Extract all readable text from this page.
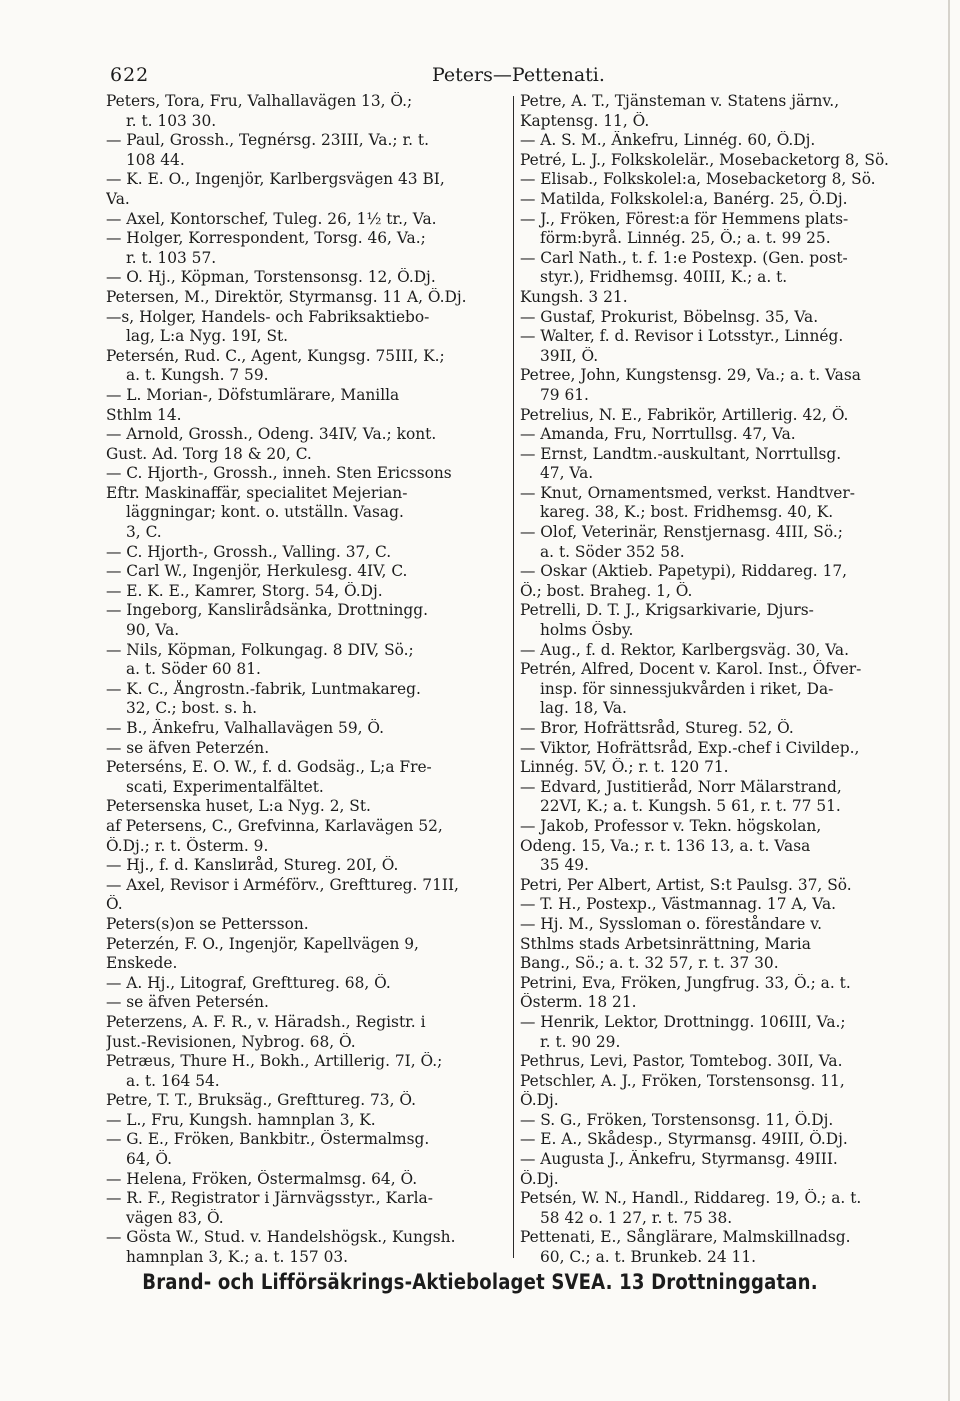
622	Peters—Pettenati.
Peters, Tora, Fru, Valhallavägen 13, Ö.;
r. t. 103 30.
— Paul, Grossh., Tegnérsg. 23III, Va.; r. t.
108 44.
— K. E. O., Ingenjör, Karlbergsvägen 43 BI,
Va.
— Axel, Kontorschef, Tuleg. 26, 1½ tr., Va.
— Holger, Korrespondent, Torsg. 46, Va.;
r. t. 103 57.
— O. Hj., Köpman, Torstensonsg. 12, Ö.Dj.
Petersen, M., Direktör, Styrmansg. 11 A, Ö.Dj.
—s, Holger, Handels- och Fabriksaktiebo-
lag, L:a Nyg. 19I, St.
Petersén, Rud. C., Agent, Kungsg. 75III, K.;
a. t. Kungsh. 7 59.
— L. Morian-, Döfstumlärare, Manilla
Sthlm 14.
— Arnold, Grossh., Odeng. 34IV, Va.; kont.
Gust. Ad. Torg 18 & 20, C.
— C. Hjorth-, Grossh., inneh. Sten Ericssons
Eftr. Maskinaffär, specialitet Mejerian-
läggningar; kont. o. utställn. Vasag.
3, C.
— C. Hjorth-, Grossh., Valling. 37, C.
— Carl W., Ingenjör, Herkulesg. 4IV, C.
— E. K. E., Kamrer, Storg. 54, Ö.Dj.
— Ingeborg, Kanslirådsänka, Drottningg.
90, Va.
— Nils, Köpman, Folkungag. 8 DIV, Sö.;
a. t. Söder 60 81.
— K. C., Ångrostn.-fabrik, Luntmakareg.
32, C.; bost. s. h.
— B., Änkefru, Valhallavägen 59, Ö.
— se äfven Peterzén.
Peterséns, E. O. W., f. d. Godsäg., L;a Fre-
scati, Experimentalfältet.
Petersenska huset, L:a Nyg. 2, St.
af Petersens, C., Grefvinna, Karlavägen 52,
Ö.Dj.; r. t. Österm. 9.
— Hj., f. d. Kanslиråd, Stureg. 20I, Ö.
— Axel, Revisor i Arméförv., Grefttureg. 71II,
Ö.
Peters(s)on se Pettersson.
Peterzén, F. O., Ingenjör, Kapellvägen 9,
Enskede.
— A. Hj., Litograf, Grefttureg. 68, Ö.
— se äfven Petersén.
Peterzens, A. F. R., v. Häradsh., Registr. i
Just.-Revisionen, Nybrog. 68, Ö.
Petræus, Thure H., Bokh., Artillerig. 7I, Ö.;
a. t. 164 54.
Petre, T. T., Bruksäg., Grefttureg. 73, Ö.
— L., Fru, Kungsh. hamnplan 3, K.
— G. E., Fröken, Bankbitr., Östermalmsg.
64, Ö.
— Helena, Fröken, Östermalmsg. 64, Ö.
— R. F., Registrator i Järnvägsstyr., Karla-
vägen 83, Ö.
— Gösta W., Stud. v. Handelshögsk., Kungsh.
hamnplan 3, K.; a. t. 157 03.
Petre, A. T., Tjänsteman v. Statens järnv.,
Kaptensg. 11, Ö.
— A. S. M., Änkefru, Linnég. 60, Ö.Dj.
Petré, L. J., Folkskolelär., Mosebacketorg 8, Sö.
— Elisab., Folkskolel:a, Mosebacketorg 8, Sö.
— Matilda, Folkskolel:a, Banérg. 25, Ö.Dj.
— J., Fröken, Förest:a för Hemmens plats-
förm:byrå. Linnég. 25, Ö.; a. t. 99 25.
— Carl Nath., t. f. 1:e Postexp. (Gen. post-
styr.), Fridhemsg. 40III, K.; a. t.
Kungsh. 3 21.
— Gustaf, Prokurist, Böbelnsg. 35, Va.
— Walter, f. d. Revisor i Lotsstyr., Linnég.
39II, Ö.
Petree, John, Kungstensg. 29, Va.; a. t. Vasa
79 61.
Petrelius, N. E., Fabrikör, Artillerig. 42, Ö.
— Amanda, Fru, Norrtullsg. 47, Va.
— Ernst, Landtm.-auskultant, Norrtullsg.
47, Va.
— Knut, Ornamentsmed, verkst. Handtver-
kareg. 38, K.; bost. Fridhemsg. 40, K.
— Olof, Veterinär, Renstjernasg. 4III, Sö.;
a. t. Söder 352 58.
— Oskar (Aktieb. Papetypi), Riddareg. 17,
Ö.; bost. Braheg. 1, Ö.
Petrelli, D. T. J., Krigsarkivarie, Djurs-
holms Ösby.
— Aug., f. d. Rektor, Karlbergsväg. 30, Va.
Petrén, Alfred, Docent v. Karol. Inst., Öfver-
insp. för sinnessjukvården i riket, Da-
lag. 18, Va.
— Bror, Hofrättsråd, Stureg. 52, Ö.
— Viktor, Hofrättsråd, Exp.-chef i Civildep.,
Linnég. 5V, Ö.; r. t. 120 71.
— Edvard, Justitieråd, Norr Mälarstrand,
22VI, K.; a. t. Kungsh. 5 61, r. t. 77 51.
— Jakob, Professor v. Tekn. högskolan,
Odeng. 15, Va.; r. t. 136 13, a. t. Vasa
35 49.
Petri, Per Albert, Artist, S:t Paulsg. 37, Sö.
— T. H., Postexp., Västmannag. 17 A, Va.
— Hj. M., Syssloman o. föreståndare v.
Sthlms stads Arbetsinrättning, Maria
Bang., Sö.; a. t. 32 57, r. t. 37 30.
Petrini, Eva, Fröken, Jungfrug. 33, Ö.; a. t.
Österm. 18 21.
— Henrik, Lektor, Drottningg. 106III, Va.;
r. t. 90 29.
Pethrus, Levi, Pastor, Tomtebog. 30II, Va.
Petschler, A. J., Fröken, Torstensonsg. 11,
Ö.Dj.
— S. G., Fröken, Torstensonsg. 11, Ö.Dj.
— E. A., Skådesp., Styrmansg. 49III, Ö.Dj.
— Augusta J., Änkefru, Styrmansg. 49III.
Ö.Dj.
Petsén, W. N., Handl., Riddareg. 19, Ö.; a. t.
58 42 o. 1 27, r. t. 75 38.
Pettenati, E., Sånglärare, Malmskillnadsg.
60, C.; a. t. Brunkeb. 24 11.
Brand- och Lifförsäkrings-Aktiebolaget SVEA. 13 Drottninggatan.
